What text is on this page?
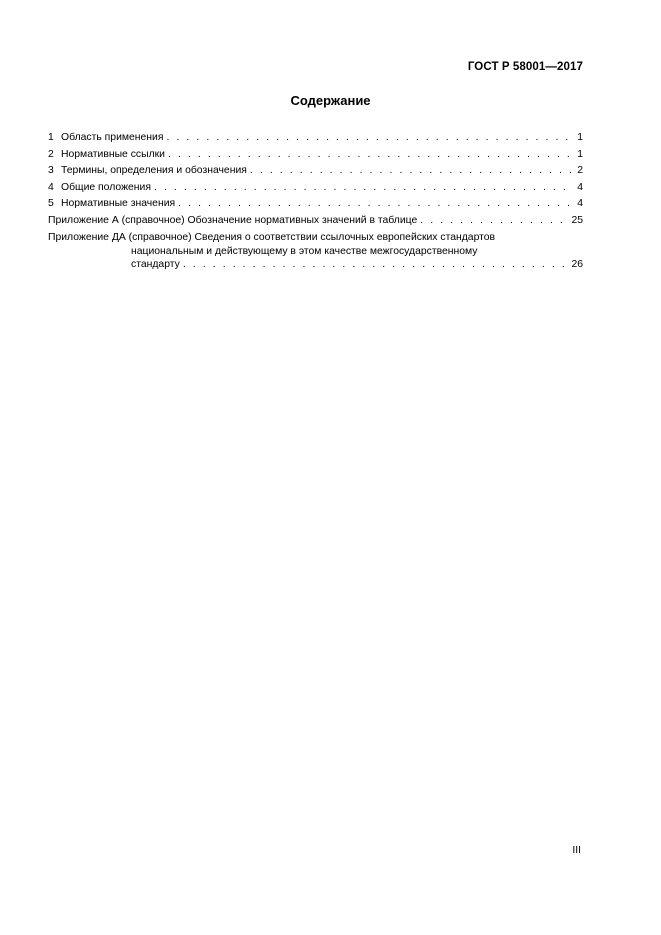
ГОСТ Р 58001—2017
Содержание
1 Область применения . . .	1
2 Нормативные ссылки . . .	1
3 Термины, определения и обозначения . . .	2
4 Общие положения . . .	4
5 Нормативные значения . . .	4
Приложение А (справочное) Обозначение нормативных значений в таблице . . .	25
Приложение ДА (справочное) Сведения о соответствии ссылочных европейских стандартов
национальным и действующему в этом качестве межгосударственному
стандарту . . .	26
III
